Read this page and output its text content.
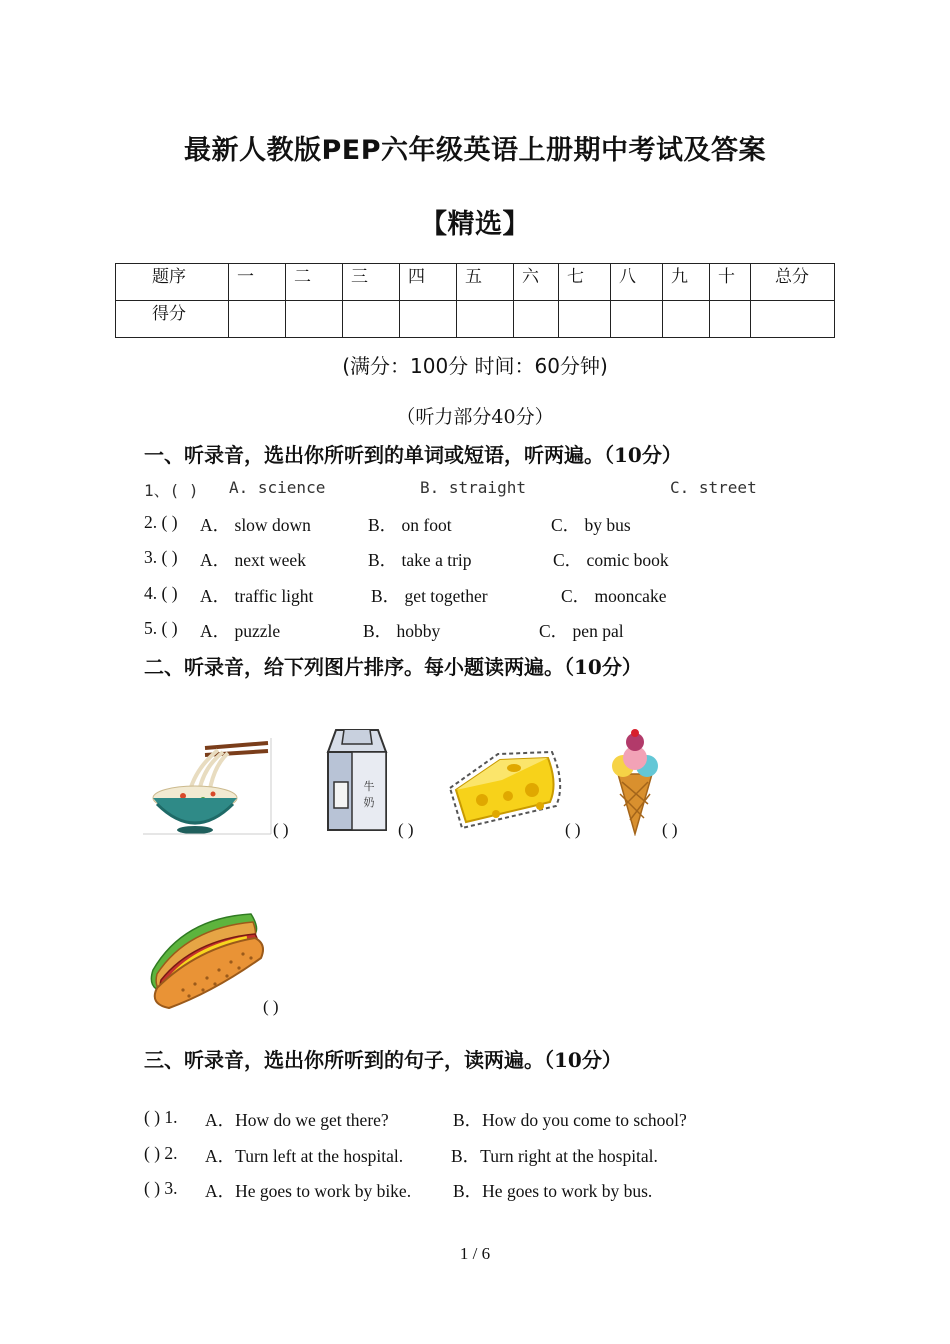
最新人教版PEP六年级英语上册期中考试及答案
【精选】
题序	一	二	三	四	五	六	七	八	九	十	总分
得分											
(满分：100分 时间：60分钟)
（听力部分40分）
一、听录音，选出你所听到的单词或短语，听两遍。（10分）
1、( ) A. science	B. straight	C. street
2. ( ) A． slow down	B． on foot	C． by bus
3. ( ) A． next week	B． take a trip	C． comic book
4. ( ) A． traffic light	B． get together	C． mooncake
5. ( ) A． puzzle	B． hobby	C． pen pal
二、听录音，给下列图片排序。每小题读两遍。（10分）
( )
牛
奶
( )	( )	( )
( )
三、听录音，选出你所听到的句子，读两遍。（10分）
( ) 1. A．How do we get there?	B．How do you come to school?
( ) 2. A．Turn left at the hospital.	B．Turn right at the hospital.
( ) 3. A．He goes to work by bike. B．He goes to work by bus.
1 / 6
